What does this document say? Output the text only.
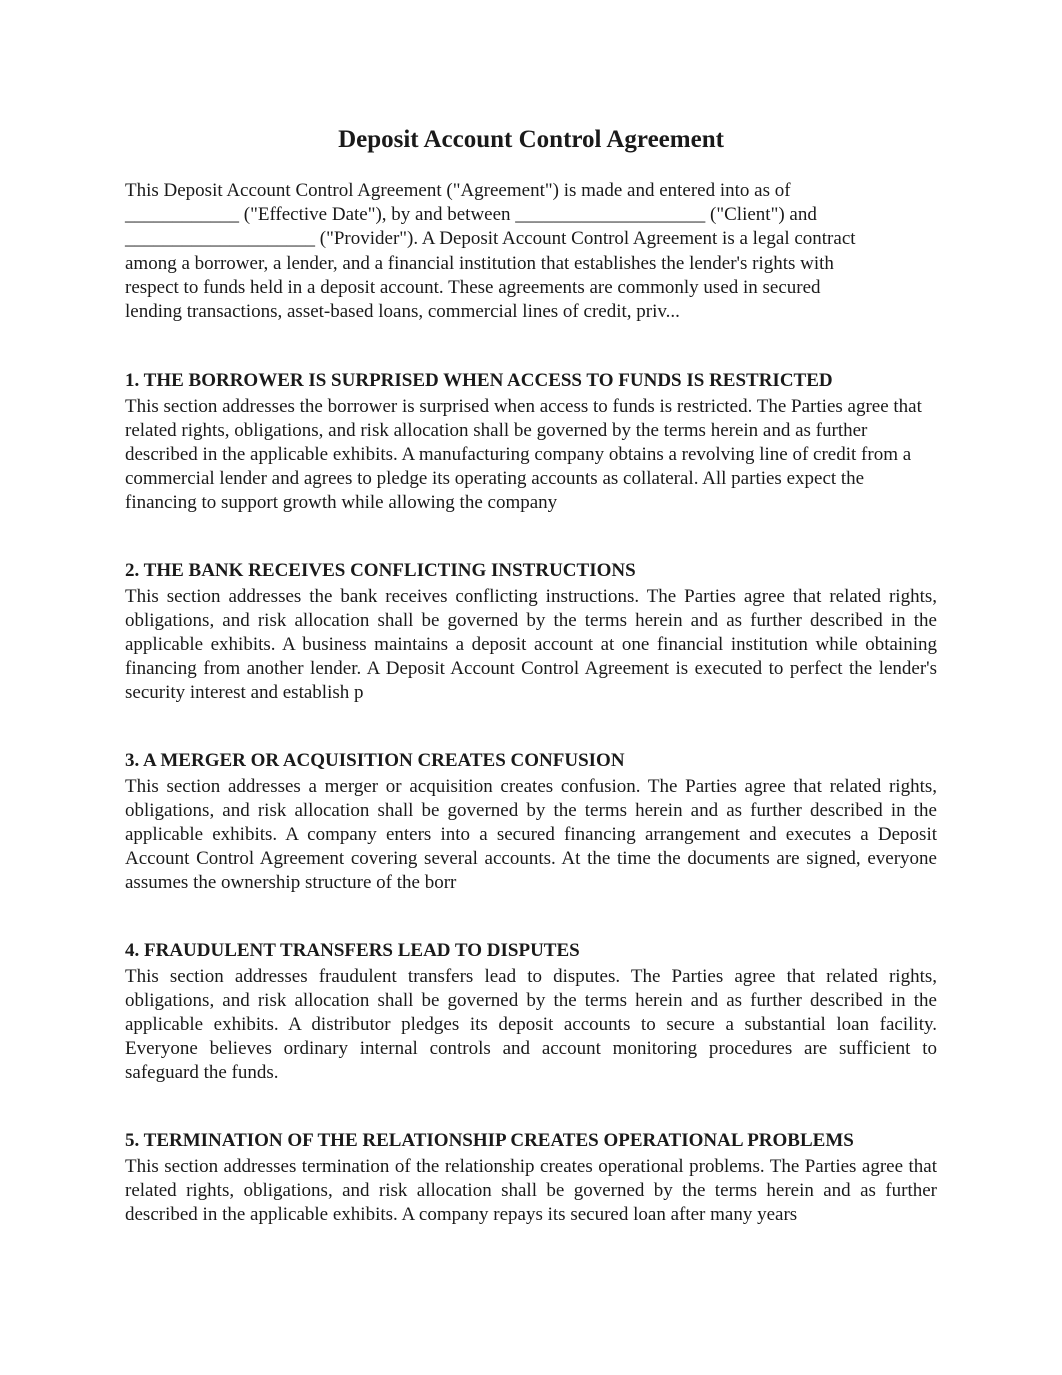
Deposit Account Control Agreement

This Deposit Account Control Agreement ("Agreement") is made and entered into as of

____________ ("Effective Date"), by and between ____________________ ("Client") and

____________________ ("Provider"). A Deposit Account Control Agreement is a legal contract

among a borrower, a lender, and a financial institution that establishes the lender's rights with

respect to funds held in a deposit account. These agreements are commonly used in secured

lending transactions, asset-based loans, commercial lines of credit, priv...

1. THE BORROWER IS SURPRISED WHEN ACCESS TO FUNDS IS RESTRICTED

This section addresses the borrower is surprised when access to funds is restricted. The Parties agree that related rights, obligations, and risk allocation shall be governed by the terms herein and as further described in the applicable exhibits. A manufacturing company obtains a revolving line of credit from a commercial lender and agrees to pledge its operating accounts as collateral. All parties expect the financing to support growth while allowing the company

2. THE BANK RECEIVES CONFLICTING INSTRUCTIONS

This section addresses the bank receives conflicting instructions. The Parties agree that related rights, obligations, and risk allocation shall be governed by the terms herein and as further described in the applicable exhibits. A business maintains a deposit account at one financial institution while obtaining financing from another lender. A Deposit Account Control Agreement is executed to perfect the lender's security interest and establish p

3. A MERGER OR ACQUISITION CREATES CONFUSION

This section addresses a merger or acquisition creates confusion. The Parties agree that related rights, obligations, and risk allocation shall be governed by the terms herein and as further described in the applicable exhibits. A company enters into a secured financing arrangement and executes a Deposit Account Control Agreement covering several accounts. At the time the documents are signed, everyone assumes the ownership structure of the borr

4. FRAUDULENT TRANSFERS LEAD TO DISPUTES

This section addresses fraudulent transfers lead to disputes. The Parties agree that related rights, obligations, and risk allocation shall be governed by the terms herein and as further described in the applicable exhibits. A distributor pledges its deposit accounts to secure a substantial loan facility. Everyone believes ordinary internal controls and account monitoring procedures are sufficient to safeguard the funds.

5. TERMINATION OF THE RELATIONSHIP CREATES OPERATIONAL PROBLEMS

This section addresses termination of the relationship creates operational problems. The Parties agree that related rights, obligations, and risk allocation shall be governed by the terms herein and as further described in the applicable exhibits. A company repays its secured loan after many years
